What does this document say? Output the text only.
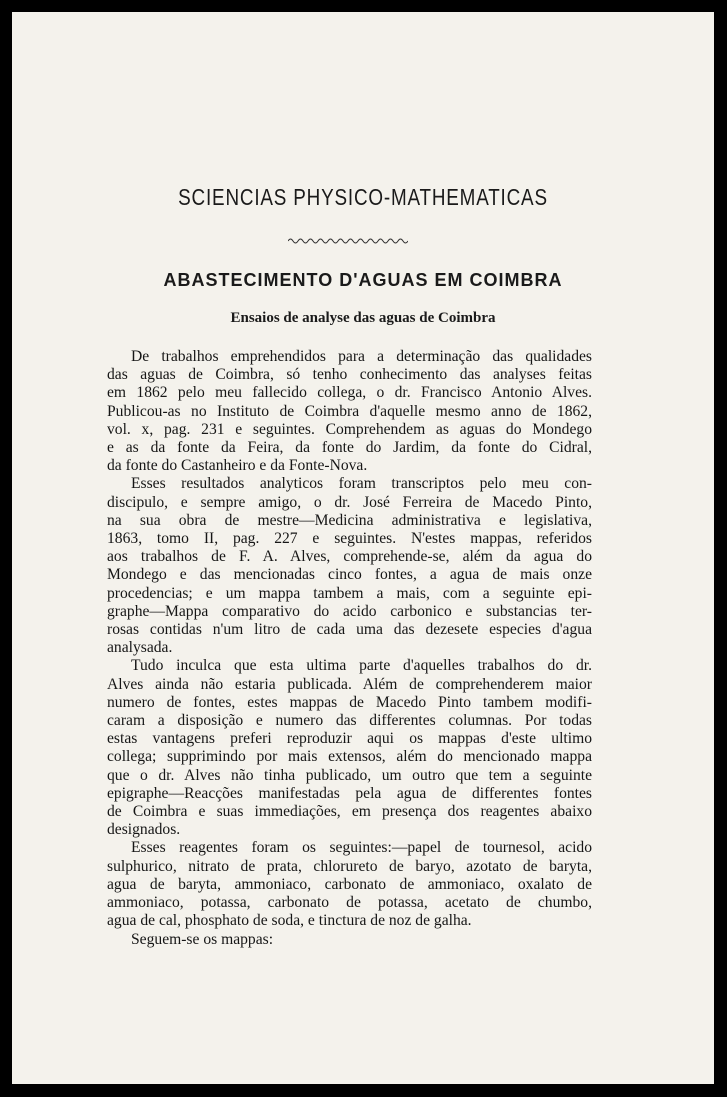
SCIENCIAS PHYSICO-MATHEMATICAS
ABASTECIMENTO D'AGUAS EM COIMBRA
Ensaios de analyse das aguas de Coimbra
De trabalhos emprehendidos para a determinação das qualidades
das aguas de Coimbra, só tenho conhecimento das analyses feitas
em 1862 pelo meu fallecido collega, o dr. Francisco Antonio Alves.
Publicou-as no Instituto de Coimbra d'aquelle mesmo anno de 1862,
vol. x, pag. 231 e seguintes. Comprehendem as aguas do Mondego
e as da fonte da Feira, da fonte do Jardim, da fonte do Cidral,
da fonte do Castanheiro e da Fonte-Nova.
Esses resultados analyticos foram transcriptos pelo meu con-
discipulo, e sempre amigo, o dr. José Ferreira de Macedo Pinto,
na sua obra de mestre—Medicina administrativa e legislativa,
1863, tomo II, pag. 227 e seguintes. N'estes mappas, referidos
aos trabalhos de F. A. Alves, comprehende-se, além da agua do
Mondego e das mencionadas cinco fontes, a agua de mais onze
procedencias; e um mappa tambem a mais, com a seguinte epi-
graphe—Mappa comparativo do acido carbonico e substancias ter-
rosas contidas n'um litro de cada uma das dezesete especies d'agua
analysada.
Tudo inculca que esta ultima parte d'aquelles trabalhos do dr.
Alves ainda não estaria publicada. Além de comprehenderem maior
numero de fontes, estes mappas de Macedo Pinto tambem modifi-
caram a disposição e numero das differentes columnas. Por todas
estas vantagens preferi reproduzir aqui os mappas d'este ultimo
collega; supprimindo por mais extensos, além do mencionado mappa
que o dr. Alves não tinha publicado, um outro que tem a seguinte
epigraphe—Reacções manifestadas pela agua de differentes fontes
de Coimbra e suas immediações, em presença dos reagentes abaixo
designados.
Esses reagentes foram os seguintes:—papel de tournesol, acido
sulphurico, nitrato de prata, chlorureto de baryo, azotato de baryta,
agua de baryta, ammoniaco, carbonato de ammoniaco, oxalato de
ammoniaco, potassa, carbonato de potassa, acetato de chumbo,
agua de cal, phosphato de soda, e tinctura de noz de galha.
Seguem-se os mappas:
